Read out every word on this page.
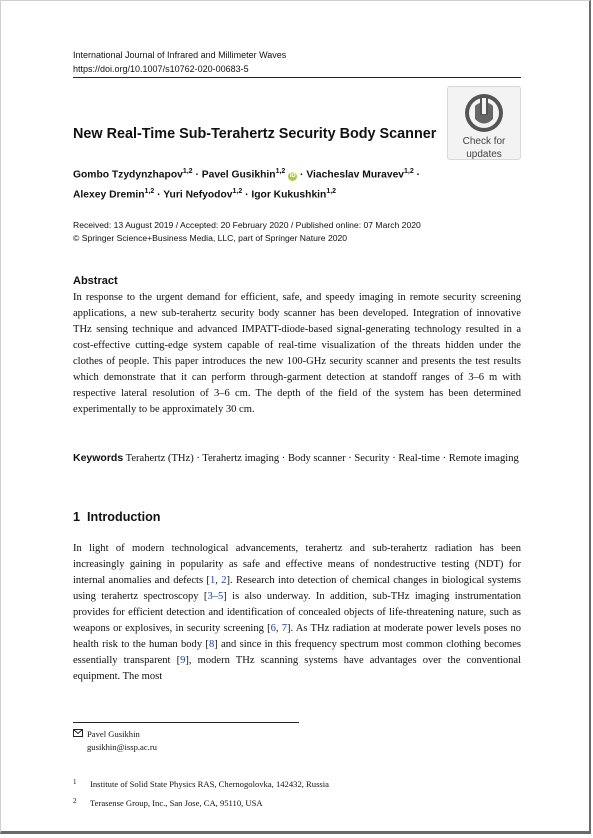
International Journal of Infrared and Millimeter Waves
https://doi.org/10.1007/s10762-020-00683-5
Check for
updates
New Real-Time Sub-Terahertz Security Body Scanner
Gombo Tzydynzhapov$^{1,2}$ · Pavel Gusikhin$^{1,2}$ iD · Viacheslav Muravev$^{1,2}$ ·
Alexey Dremin$^{1,2}$ · Yuri Nefyodov$^{1,2}$ · Igor Kukushkin$^{1,2}$
Received: 13 August 2019 / Accepted: 20 February 2020 / Published online: 07 March 2020
© Springer Science+Business Media, LLC, part of Springer Nature 2020
Abstract
In response to the urgent demand for efficient, safe, and speedy imaging in remote security screening applications, a new sub-terahertz security body scanner has been developed. Integration of innovative THz sensing technique and advanced IMPATT-diode-based signal-generating technology resulted in a cost-effective cutting-edge system capable of real-time visualization of the threats hidden under the clothes of people. This paper introduces the new 100-GHz security scanner and presents the test results which demonstrate that it can perform through-garment detection at standoff ranges of 3–6 m with respective lateral resolution of 3–6 cm. The depth of the field of the system has been determined experimentally to be approximately 30 cm.
Keywords Terahertz (THz) · Terahertz imaging · Body scanner · Security · Real-time · Remote imaging
1 Introduction

In light of modern technological advancements, terahertz and sub-terahertz radiation has been increasingly gaining in popularity as safe and effective means of nondestructive testing (NDT) for internal anomalies and defects [1, 2]. Research into detection of chemical changes in biological systems using terahertz spectroscopy [3–5] is also underway. In addition, sub-THz imaging instrumentation provides for efficient detection and identification of concealed objects of life-threatening nature, such as weapons or explosives, in security screening [6, 7]. As THz radiation at moderate power levels poses no health risk to the human body [8] and since in this frequency spectrum most common clothing becomes essentially transparent [9], modern THz scanning systems have advantages over the conventional equipment. The most

Pavel Gusikhin
gusikhin@issp.ac.ru
1 Institute of Solid State Physics RAS, Chernogolovka, 142432, Russia
2 Terasense Group, Inc., San Jose, CA, 95110, USA
